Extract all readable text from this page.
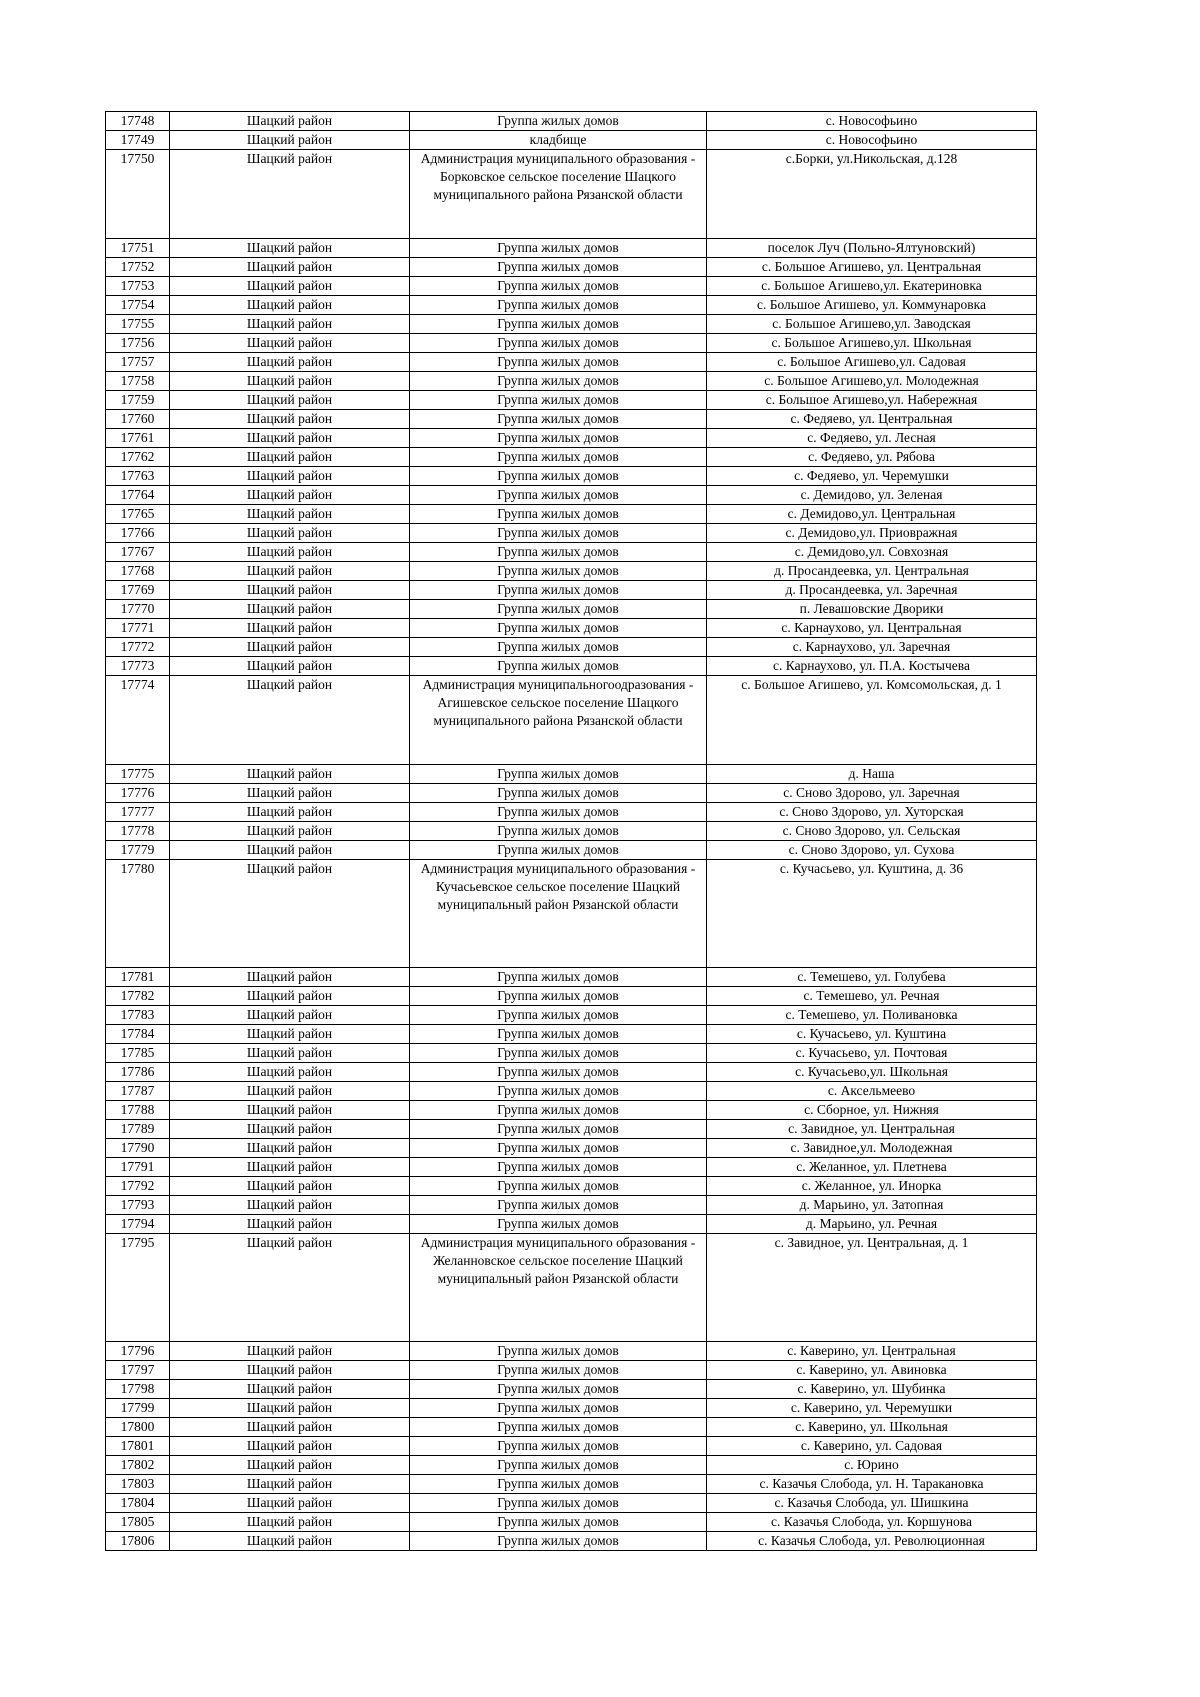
17748	Шацкий район	Группа жилых домов	с. Новософьино
17749	Шацкий район	кладбище	с. Новософьино
17750	Шацкий район	Администрация муниципального образования - Борковское сельское поселение Шацкого муниципального района Рязанской области	с.Борки, ул.Никольская, д.128
17751	Шацкий район	Группа жилых домов	поселок Луч (Польно-Ялтуновский)
17752	Шацкий район	Группа жилых домов	с. Большое Агишево, ул. Центральная
17753	Шацкий район	Группа жилых домов	с. Большое Агишево,ул. Екатериновка
17754	Шацкий район	Группа жилых домов	с. Большое Агишево, ул. Коммунаровка
17755	Шацкий район	Группа жилых домов	с. Большое Агишево,ул. Заводская
17756	Шацкий район	Группа жилых домов	с. Большое Агишево,ул. Школьная
17757	Шацкий район	Группа жилых домов	с. Большое Агишево,ул. Садовая
17758	Шацкий район	Группа жилых домов	с. Большое Агишево,ул. Молодежная
17759	Шацкий район	Группа жилых домов	с. Большое Агишево,ул. Набережная
17760	Шацкий район	Группа жилых домов	с. Федяево, ул. Центральная
17761	Шацкий район	Группа жилых домов	с. Федяево, ул. Лесная
17762	Шацкий район	Группа жилых домов	с. Федяево, ул. Рябова
17763	Шацкий район	Группа жилых домов	с. Федяево, ул. Черемушки
17764	Шацкий район	Группа жилых домов	с. Демидово, ул. Зеленая
17765	Шацкий район	Группа жилых домов	с. Демидово,ул. Центральная
17766	Шацкий район	Группа жилых домов	с. Демидово,ул. Приовражная
17767	Шацкий район	Группа жилых домов	с. Демидово,ул. Совхозная
17768	Шацкий район	Группа жилых домов	д. Просандеевка, ул. Центральная
17769	Шацкий район	Группа жилых домов	д. Просандеевка, ул. Заречная
17770	Шацкий район	Группа жилых домов	п. Левашовские Дворики
17771	Шацкий район	Группа жилых домов	с. Карнаухово, ул. Центральная
17772	Шацкий район	Группа жилых домов	с. Карнаухово, ул. Заречная
17773	Шацкий район	Группа жилых домов	с. Карнаухово, ул. П.А. Костычева
17774	Шацкий район	Администрация муниципальногоодразования - Агишевское сельское поселение Шацкого муниципального района Рязанской области	с. Большое Агишево, ул. Комсомольская, д. 1
17775	Шацкий район	Группа жилых домов	д. Наша
17776	Шацкий район	Группа жилых домов	с. Сново Здорово, ул. Заречная
17777	Шацкий район	Группа жилых домов	с. Сново Здорово, ул. Хуторская
17778	Шацкий район	Группа жилых домов	с. Сново Здорово, ул. Сельская
17779	Шацкий район	Группа жилых домов	с. Сново Здорово, ул. Сухова
17780	Шацкий район	Администрация муниципального образования - Кучасьевское сельское поселение Шацкий муниципальный район Рязанской области	с. Кучасьево, ул. Куштина, д. 36
17781	Шацкий район	Группа жилых домов	с. Темешево, ул. Голубева
17782	Шацкий район	Группа жилых домов	с. Темешево, ул. Речная
17783	Шацкий район	Группа жилых домов	с. Темешево, ул. Поливановка
17784	Шацкий район	Группа жилых домов	с. Кучасьево, ул. Куштина
17785	Шацкий район	Группа жилых домов	с. Кучасьево, ул. Почтовая
17786	Шацкий район	Группа жилых домов	с. Кучасьево,ул. Школьная
17787	Шацкий район	Группа жилых домов	с. Аксельмеево
17788	Шацкий район	Группа жилых домов	с. Сборное, ул. Нижняя
17789	Шацкий район	Группа жилых домов	с. Завидное, ул. Центральная
17790	Шацкий район	Группа жилых домов	с. Завидное,ул. Молодежная
17791	Шацкий район	Группа жилых домов	с. Желанное, ул. Плетнева
17792	Шацкий район	Группа жилых домов	с. Желанное, ул. Инорка
17793	Шацкий район	Группа жилых домов	д. Марьино, ул. Затопная
17794	Шацкий район	Группа жилых домов	д. Марьино, ул. Речная
17795	Шацкий район	Администрация муниципального образования - Желанновское сельское поселение Шацкий муниципальный район Рязанской области	с. Завидное, ул. Центральная, д. 1
17796	Шацкий район	Группа жилых домов	с. Каверино, ул. Центральная
17797	Шацкий район	Группа жилых домов	с. Каверино, ул. Авиновка
17798	Шацкий район	Группа жилых домов	с. Каверино, ул. Шубинка
17799	Шацкий район	Группа жилых домов	с. Каверино, ул. Черемушки
17800	Шацкий район	Группа жилых домов	с. Каверино, ул. Школьная
17801	Шацкий район	Группа жилых домов	с. Каверино, ул. Садовая
17802	Шацкий район	Группа жилых домов	с. Юрино
17803	Шацкий район	Группа жилых домов	с. Казачья Слобода, ул. Н. Таракановка
17804	Шацкий район	Группа жилых домов	с. Казачья Слобода, ул. Шишкина
17805	Шацкий район	Группа жилых домов	с. Казачья Слобода, ул. Коршунова
17806	Шацкий район	Группа жилых домов	с. Казачья Слобода, ул. Революционная
